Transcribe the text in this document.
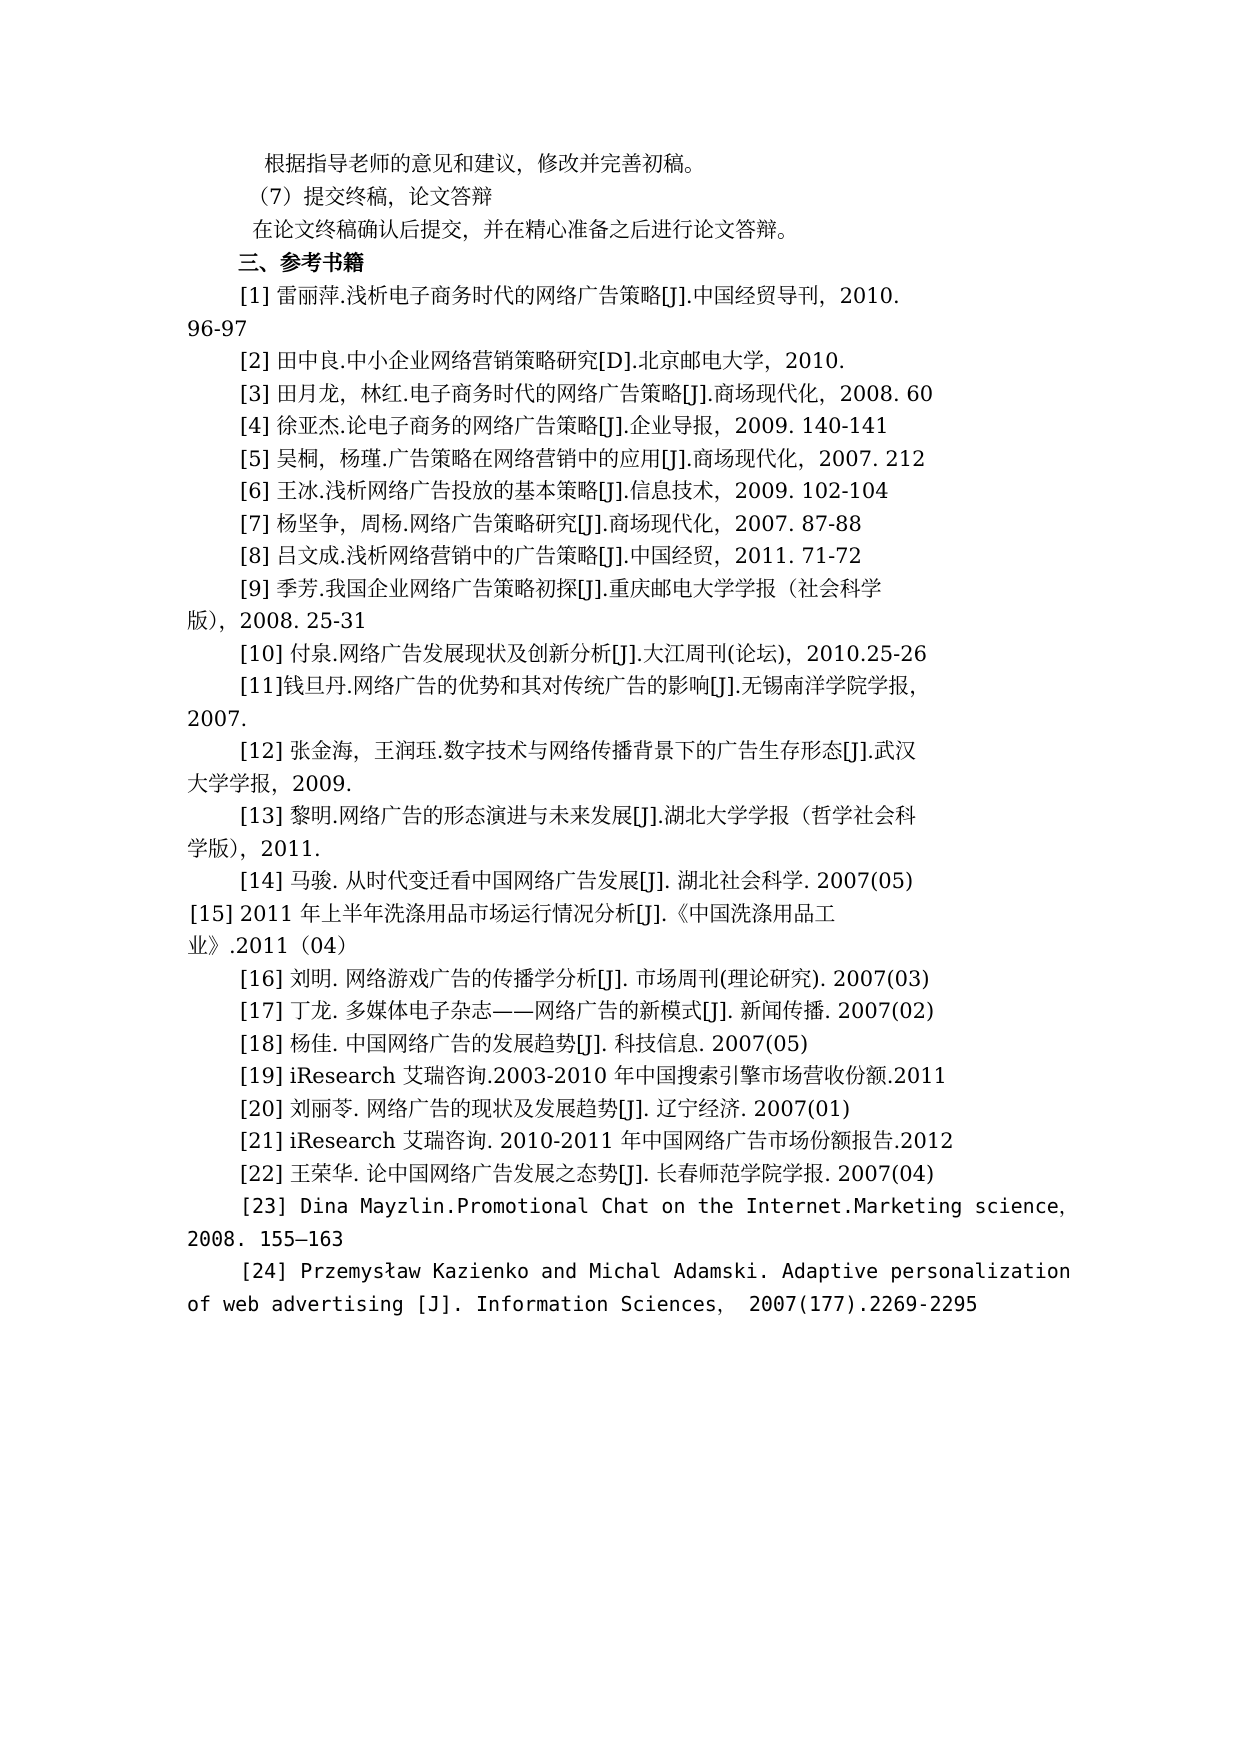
根据指导老师的意见和建议，修改并完善初稿。

（7）提交终稿，论文答辩

在论文终稿确认后提交，并在精心准备之后进行论文答辩。

三、参考书籍

[1] 雷丽萍.浅析电子商务时代的网络广告策略[J].中国经贸导刊，2010.
96-97

[2] 田中良.中小企业网络营销策略研究[D].北京邮电大学，2010.

[3] 田月龙，林红.电子商务时代的网络广告策略[J].商场现代化，2008. 60

[4] 徐亚杰.论电子商务的网络广告策略[J].企业导报，2009. 140-141

[5] 吴桐，杨瑾.广告策略在网络营销中的应用[J].商场现代化，2007. 212

[6] 王冰.浅析网络广告投放的基本策略[J].信息技术，2009. 102-104

[7] 杨坚争，周杨.网络广告策略研究[J].商场现代化，2007. 87-88

[8] 吕文成.浅析网络营销中的广告策略[J].中国经贸，2011. 71-72

[9] 季芳.我国企业网络广告策略初探[J].重庆邮电大学学报（社会科学
版），2008. 25-31

[10] 付泉.网络广告发展现状及创新分析[J].大江周刊(论坛)，2010.25-26

[11]钱旦丹.网络广告的优势和其对传统广告的影响[J].无锡南洋学院学报，
2007.

[12] 张金海，王润珏.数字技术与网络传播背景下的广告生存形态[J].武汉
大学学报，2009.

[13] 黎明.网络广告的形态演进与未来发展[J].湖北大学学报（哲学社会科
学版），2011.

[14] 马骏. 从时代变迁看中国网络广告发展[J]. 湖北社会科学. 2007(05)

[15] 2011 年上半年洗涤用品市场运行情况分析[J].《中国洗涤用品工
业》.2011（04）

[16] 刘明. 网络游戏广告的传播学分析[J]. 市场周刊(理论研究). 2007(03)

[17] 丁龙. 多媒体电子杂志——网络广告的新模式[J]. 新闻传播. 2007(02)

[18] 杨佳. 中国网络广告的发展趋势[J]. 科技信息. 2007(05)

[19] iResearch 艾瑞咨询.2003-2010 年中国搜索引擎市场营收份额.2011

[20] 刘丽苓. 网络广告的现状及发展趋势[J]. 辽宁经济. 2007(01)

[21] iResearch 艾瑞咨询. 2010-2011 年中国网络广告市场份额报告.2012

[22] 王荣华. 论中国网络广告发展之态势[J]. 长春师范学院学报. 2007(04)

[23] Dina Mayzlin.Promotional Chat on the Internet.Marketing science，
2008. 155–163

[24] Przemysław Kazienko and Michal Adamski. Adaptive personalization
of web advertising [J]. Information Sciences， 2007(177).2269-2295
